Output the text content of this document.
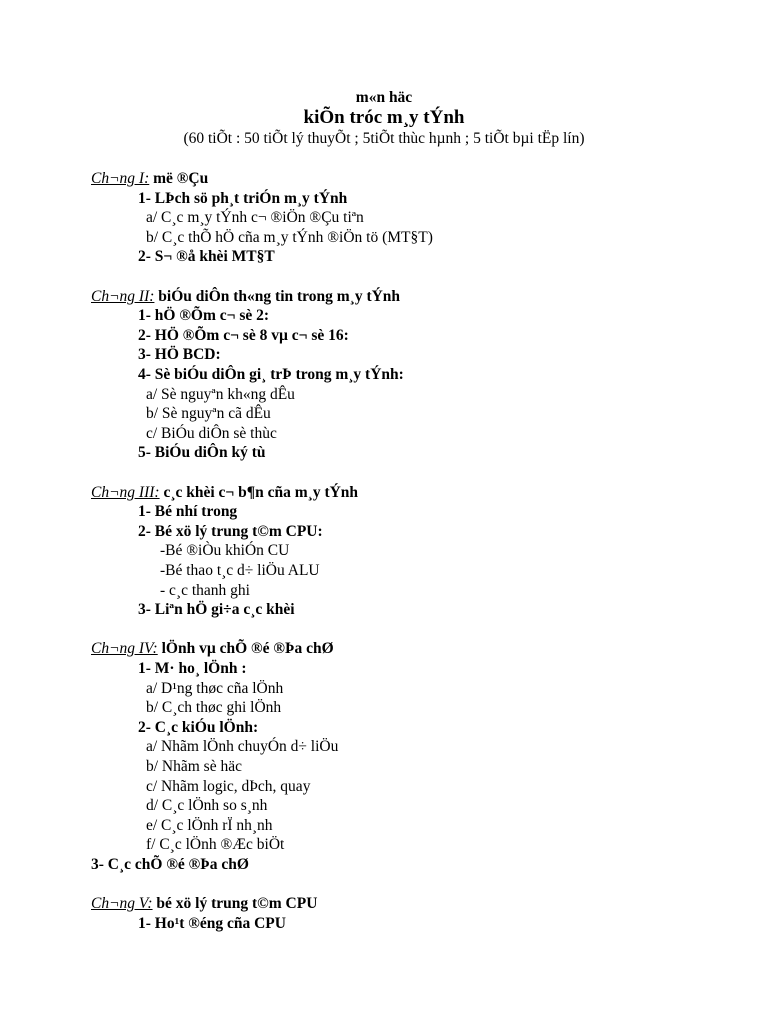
m«n häc
kiÕn tróc m¸y tÝnh
(60 tiÕt : 50 tiÕt lý thuyÕt ; 5tiÕt thùc hµnh ; 5 tiÕt bµi tËp lín)
Ch¬ng I: më ®Çu
1- LÞch sö ph¸t triÓn m¸y tÝnh
a/ C¸c m¸y tÝnh c¬ ®iÖn ®Çu tiªn
b/ C¸c thÕ hÖ cña m¸y tÝnh ®iÖn tö (MT§T)
2- S¬ ®å khèi MT§T
Ch¬ng II: biÓu diÔn th«ng tin trong m¸y tÝnh
1- hÖ ®Õm c¬ sè 2:
2- HÖ ®Õm c¬ sè 8 vµ c¬ sè 16:
3- HÖ BCD:
4- Sè biÓu diÔn gi¸ trÞ trong m¸y tÝnh:
a/ Sè nguyªn kh«ng dÊu
b/ Sè nguyªn cã dÊu
c/ BiÓu diÔn sè thùc
5- BiÓu diÔn ký tù
Ch¬ng III: c¸c khèi c¬ b¶n cña m¸y tÝnh
1- Bé nhí trong
2- Bé xö lý trung t©m CPU:
-Bé ®iÒu khiÓn CU
-Bé thao t¸c d÷ liÖu ALU
- c¸c thanh ghi
3- Liªn hÖ gi÷a c¸c khèi
Ch¬ng IV: lÖnh vµ chÕ ®é ®Þa chØ
1- M· ho¸ lÖnh :
a/ D¹ng thøc cña lÖnh
b/ C¸ch thøc ghi lÖnh
2- C¸c kiÓu lÖnh:
a/ Nhãm lÖnh chuyÓn d÷ liÖu
b/ Nhãm sè häc
c/ Nhãm logic, dÞch, quay
d/ C¸c lÖnh so s¸nh
e/ C¸c lÖnh rÏ nh¸nh
f/ C¸c lÖnh ®Æc biÖt
3- C¸c chÕ ®é ®Þa chØ
Ch¬ng V: bé xö lý trung t©m CPU
1- Ho¹t ®éng cña CPU
